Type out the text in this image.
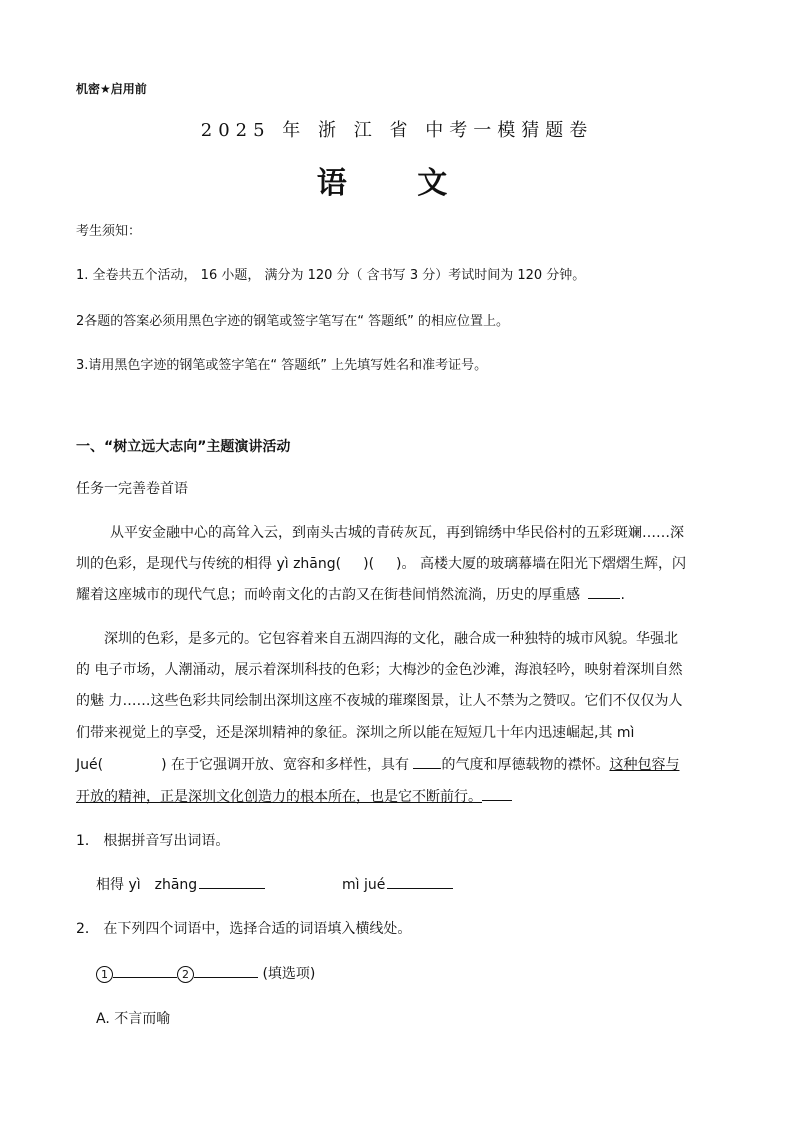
机密★启用前
2025 年 浙 江 省 中考一模猜题卷
语 文
考生须知：
1. 全卷共五个活动， 16 小题， 满分为 120 分（ 含书写 3 分）考试时间为 120 分钟。
2各题的答案必须用黑色字迹的钢笔或签字笔写在“ 答题纸” 的相应位置上。
3.请用黑色字迹的钢笔或签字笔在“ 答题纸” 上先填写姓名和准考证号。
一、“树立远大志向”主题演讲活动
任务一完善卷首语
从平安金融中心的高耸入云，到南头古城的青砖灰瓦，再到锦绣中华民俗村的五彩斑斓……深
圳的色彩，是现代与传统的相得 yì zhāng( )( )。 高楼大厦的玻璃幕墙在阳光下熠熠生辉，闪
耀着这座城市的现代气息；而岭南文化的古韵又在街巷间悄然流淌，历史的厚重感	.
深圳的色彩，是多元的。它包容着来自五湖四海的文化，融合成一种独特的城市风貌。华强北
的 电子市场，人潮涌动，展示着深圳科技的色彩；大梅沙的金色沙滩，海浪轻吟，映射着深圳自然
的魅 力……这些色彩共同绘制出深圳这座不夜城的璀璨图景，让人不禁为之赞叹。它们不仅仅为人
们带来视觉上的享受，还是深圳精神的象征。深圳之所以能在短短几十年内迅速崛起,其 mì
Jué(	) 在于它强调开放、宽容和多样性，具有 的气度和厚德载物的襟怀。这种包容与
开放的精神，正是深圳文化创造力的根本所在，也是它不断前行。
1． 根据拼音写出词语。
相得 yì　zhāng	mì jué
2． 在下列四个词语中，选择合适的词语填入横线处。
1	2	(填选项)
A. 不言而喻
